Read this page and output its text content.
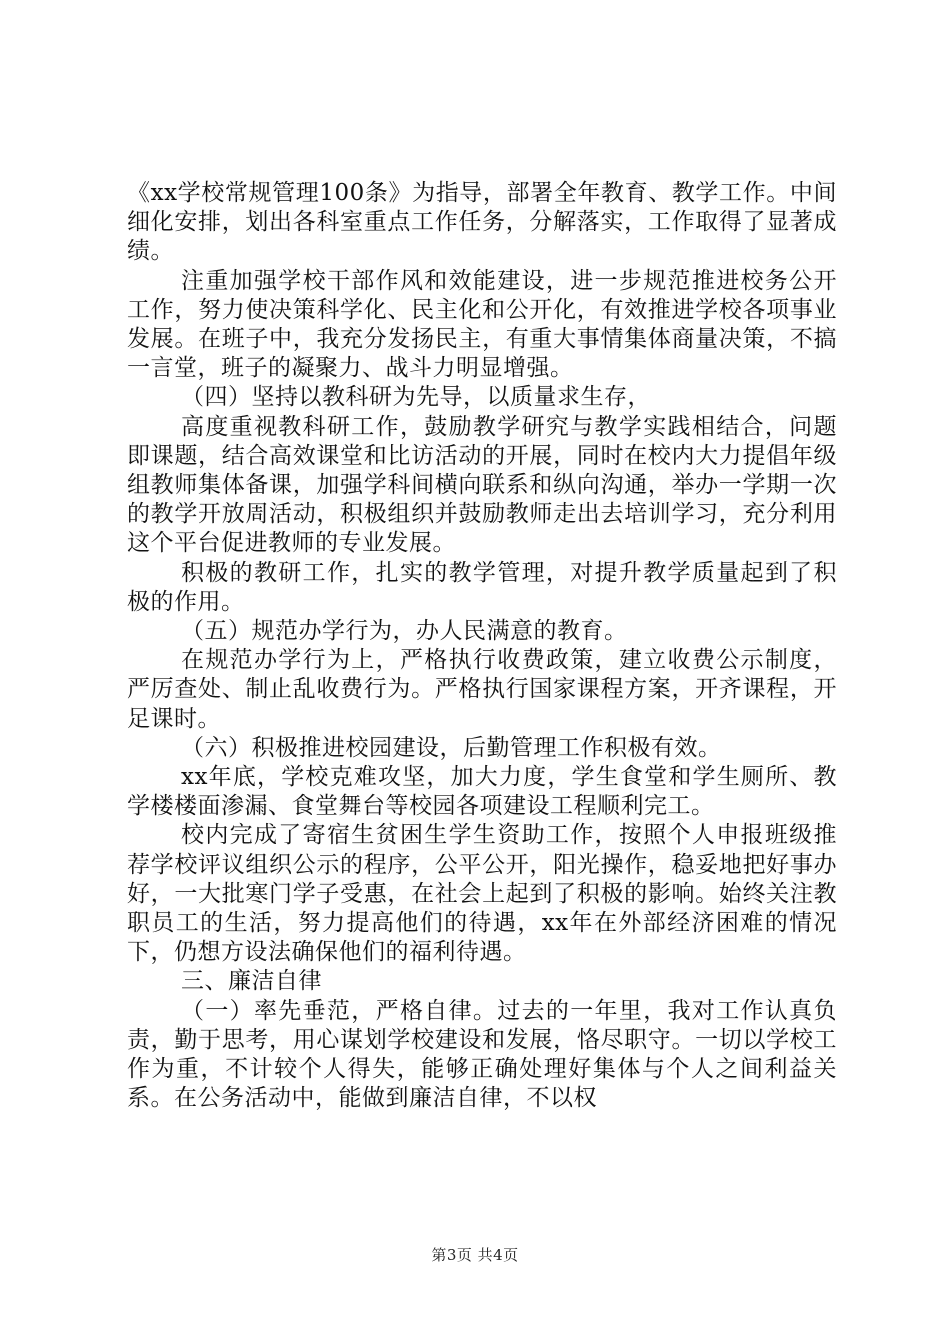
《xx学校常规管理100条》为指导，部署全年教育、教学工作。中间细化安排，划出各科室重点工作任务，分解落实，工作取得了显著成绩。

注重加强学校干部作风和效能建设，进一步规范推进校务公开工作，努力使决策科学化、民主化和公开化，有效推进学校各项事业发展。在班子中，我充分发扬民主，有重大事情集体商量决策，不搞一言堂，班子的凝聚力、战斗力明显增强。

（四）坚持以教科研为先导，以质量求生存，

高度重视教科研工作，鼓励教学研究与教学实践相结合，问题即课题，结合高效课堂和比访活动的开展，同时在校内大力提倡年级组教师集体备课，加强学科间横向联系和纵向沟通，举办一学期一次的教学开放周活动，积极组织并鼓励教师走出去培训学习，充分利用这个平台促进教师的专业发展。

积极的教研工作，扎实的教学管理，对提升教学质量起到了积极的作用。

（五）规范办学行为，办人民满意的教育。

在规范办学行为上，严格执行收费政策，建立收费公示制度，严厉查处、制止乱收费行为。严格执行国家课程方案，开齐课程，开足课时。

（六）积极推进校园建设，后勤管理工作积极有效。

xx年底，学校克难攻坚，加大力度，学生食堂和学生厕所、教学楼楼面渗漏、食堂舞台等校园各项建设工程顺利完工。

校内完成了寄宿生贫困生学生资助工作，按照个人申报班级推荐学校评议组织公示的程序，公平公开，阳光操作，稳妥地把好事办好，一大批寒门学子受惠，在社会上起到了积极的影响。始终关注教职员工的生活，努力提高他们的待遇，xx年在外部经济困难的情况下，仍想方设法确保他们的福利待遇。

三、廉洁自律

（一）率先垂范，严格自律。过去的一年里，我对工作认真负责，勤于思考，用心谋划学校建设和发展，恪尽职守。一切以学校工作为重，不计较个人得失，能够正确处理好集体与个人之间利益关系。在公务活动中，能做到廉洁自律，不以权

第3页 共4页
